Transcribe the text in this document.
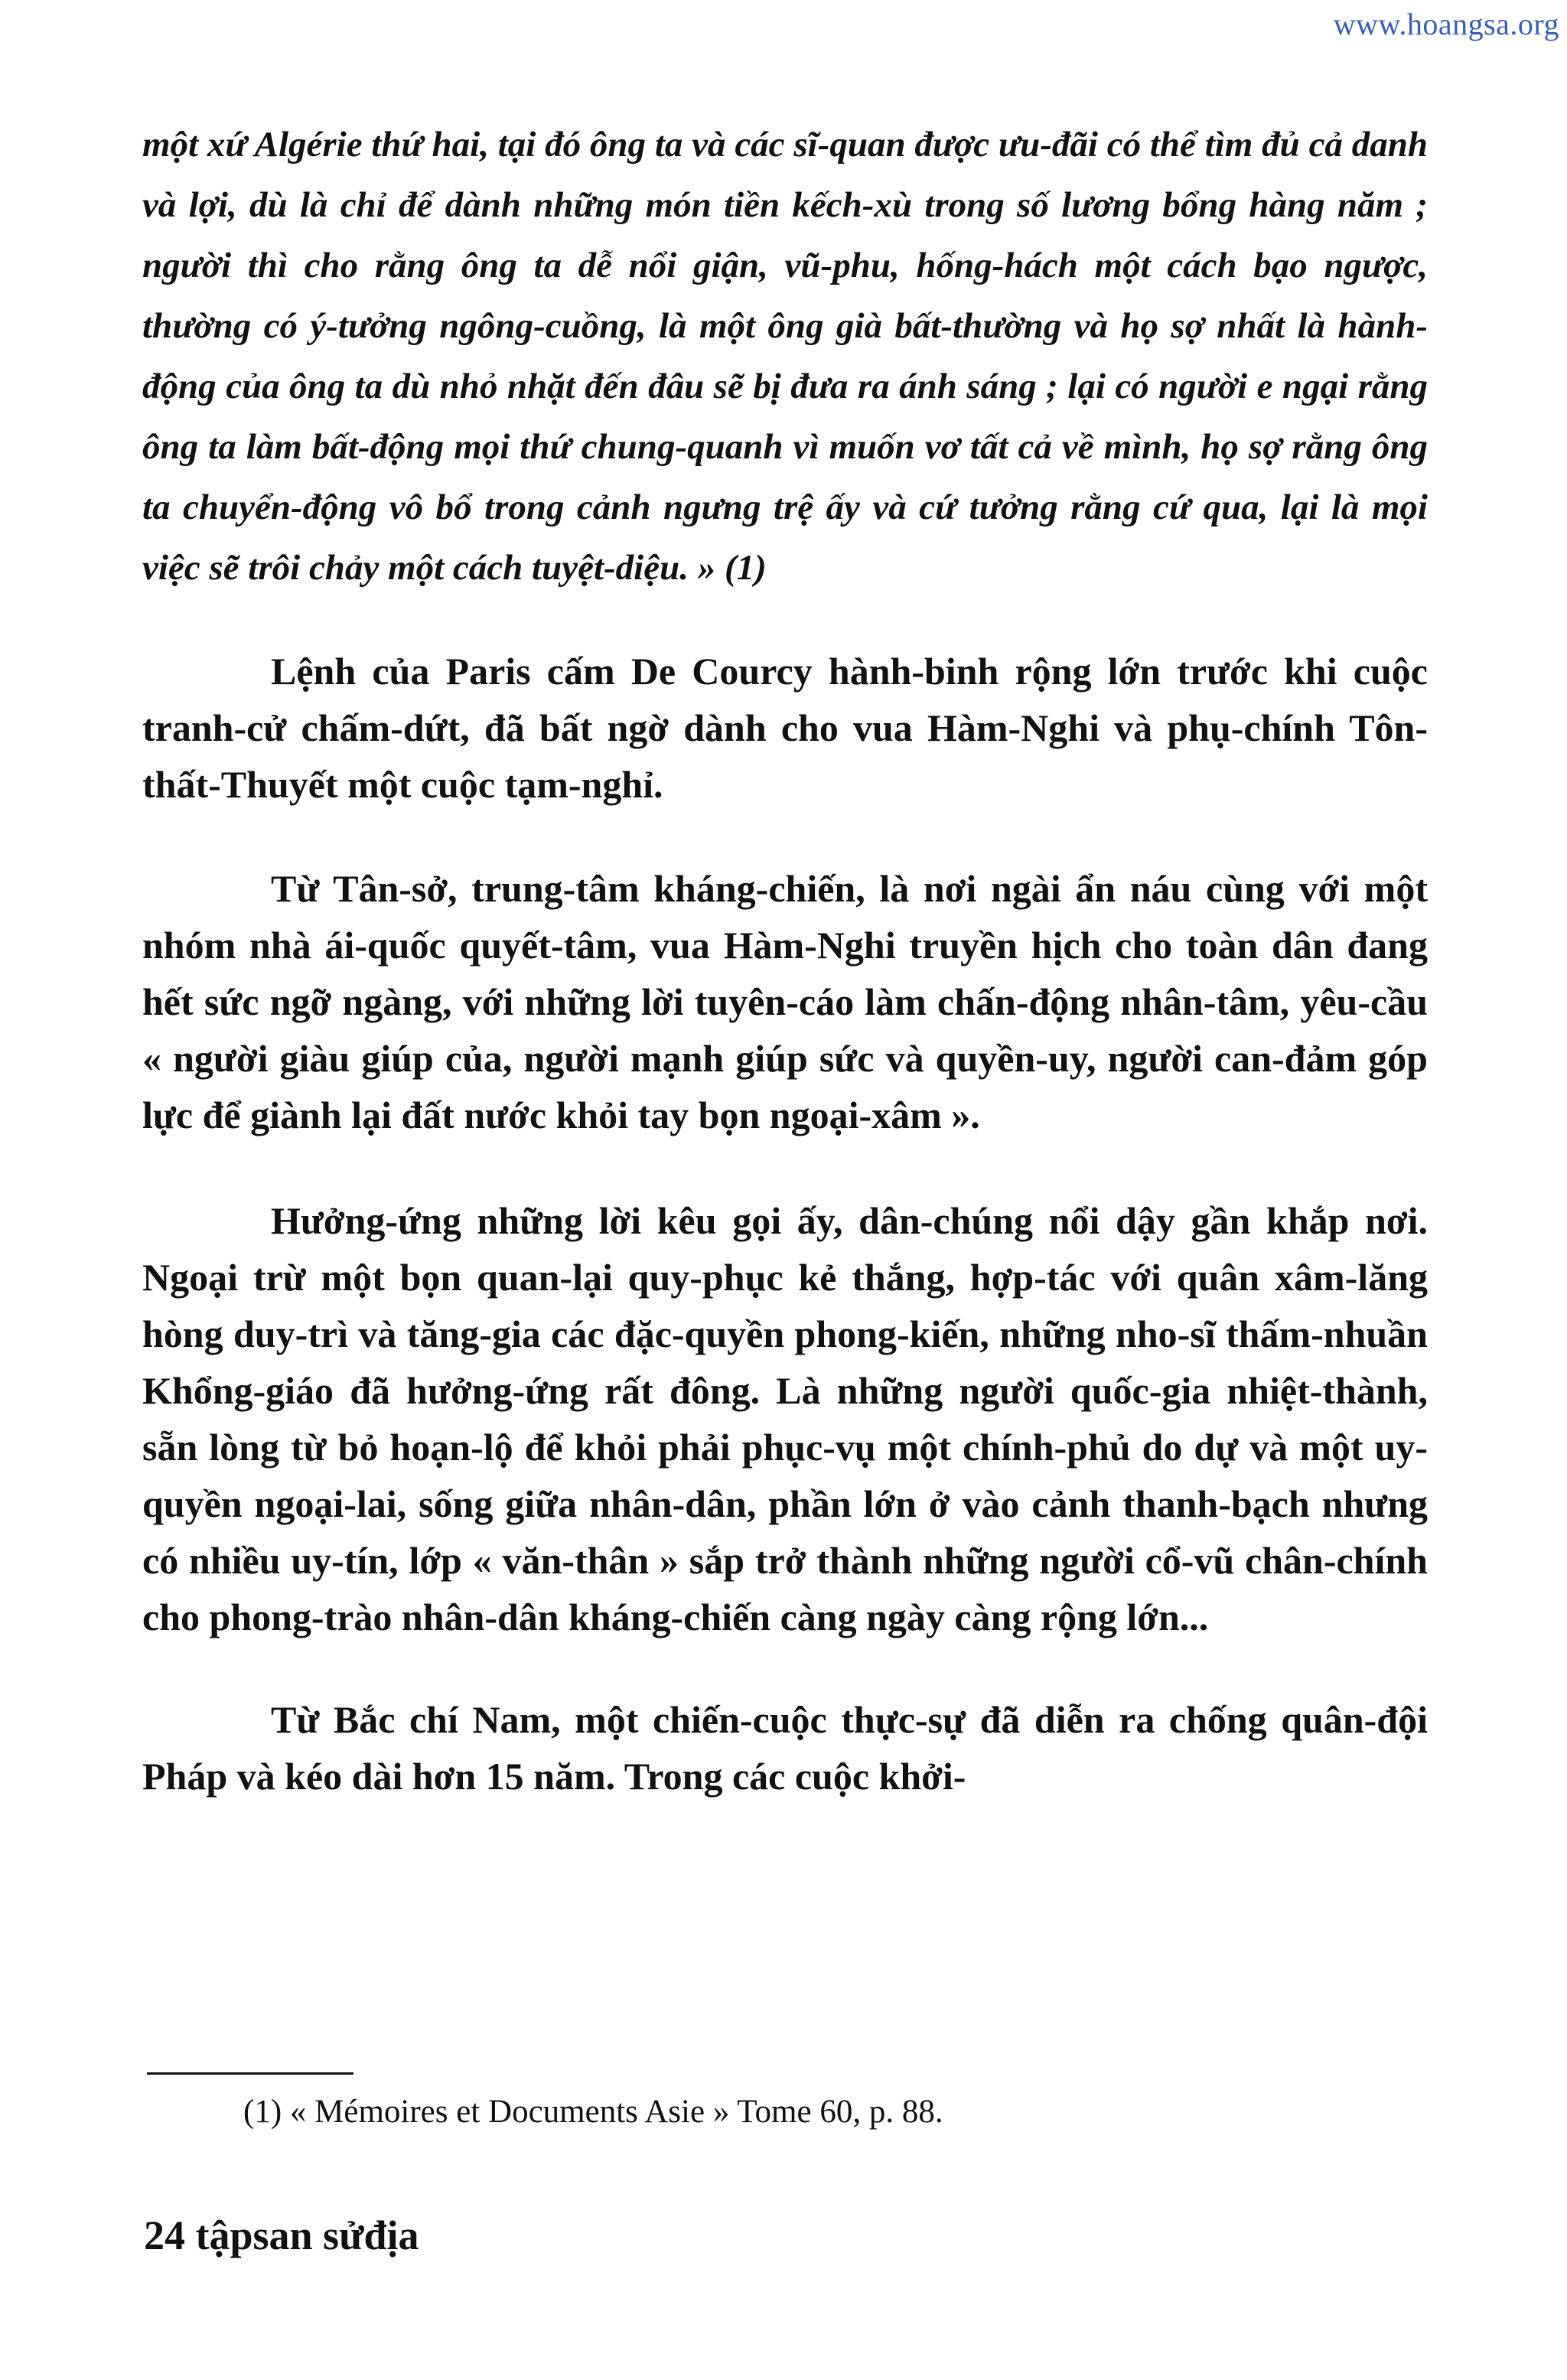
www.hoangsa.org

một xứ Algérie thứ hai, tại đó ông ta và các sĩ-quan được ưu-đãi có thể tìm đủ cả danh và lợi, dù là chỉ để dành những món tiền kếch-xù trong số lương bổng hàng năm ; người thì cho rằng ông ta dễ nổi giận, vũ-phu, hống-hách một cách bạo ngược, thường có ý-tưởng ngông-cuồng, là một ông già bất-thường và họ sợ nhất là hành-động của ông ta dù nhỏ nhặt đến đâu sẽ bị đưa ra ánh sáng ; lại có người e ngại rằng ông ta làm bất-động mọi thứ chung-quanh vì muốn vơ tất cả về mình, họ sợ rằng ông ta chuyển-động vô bổ trong cảnh ngưng trệ ấy và cứ tưởng rằng cứ qua, lại là mọi việc sẽ trôi chảy một cách tuyệt-diệu. » (1)

Lệnh của Paris cấm De Courcy hành-binh rộng lớn trước khi cuộc tranh-cử chấm-dứt, đã bất ngờ dành cho vua Hàm-Nghi và phụ-chính Tôn-thất-Thuyết một cuộc tạm-nghỉ.

Từ Tân-sở, trung-tâm kháng-chiến, là nơi ngài ẩn náu cùng với một nhóm nhà ái-quốc quyết-tâm, vua Hàm-Nghi truyền hịch cho toàn dân đang hết sức ngỡ ngàng, với những lời tuyên-cáo làm chấn-động nhân-tâm, yêu-cầu « người giàu giúp của, người mạnh giúp sức và quyền-uy, người can-đảm góp lực để giành lại đất nước khỏi tay bọn ngoại-xâm ».

Hưởng-ứng những lời kêu gọi ấy, dân-chúng nổi dậy gần khắp nơi. Ngoại trừ một bọn quan-lại quy-phục kẻ thắng, hợp-tác với quân xâm-lăng hòng duy-trì và tăng-gia các đặc-quyền phong-kiến, những nho-sĩ thấm-nhuần Khổng-giáo đã hưởng-ứng rất đông. Là những người quốc-gia nhiệt-thành, sẵn lòng từ bỏ hoạn-lộ để khỏi phải phục-vụ một chính-phủ do dự và một uy-quyền ngoại-lai, sống giữa nhân-dân, phần lớn ở vào cảnh thanh-bạch nhưng có nhiều uy-tín, lớp « văn-thân » sắp trở thành những người cổ-vũ chân-chính cho phong-trào nhân-dân kháng-chiến càng ngày càng rộng lớn...

Từ Bắc chí Nam, một chiến-cuộc thực-sự đã diễn ra chống quân-đội Pháp và kéo dài hơn 15 năm. Trong các cuộc khởi-

(1) « Mémoires et Documents Asie » Tome 60, p. 88.
24 tậpsan sửđịa
